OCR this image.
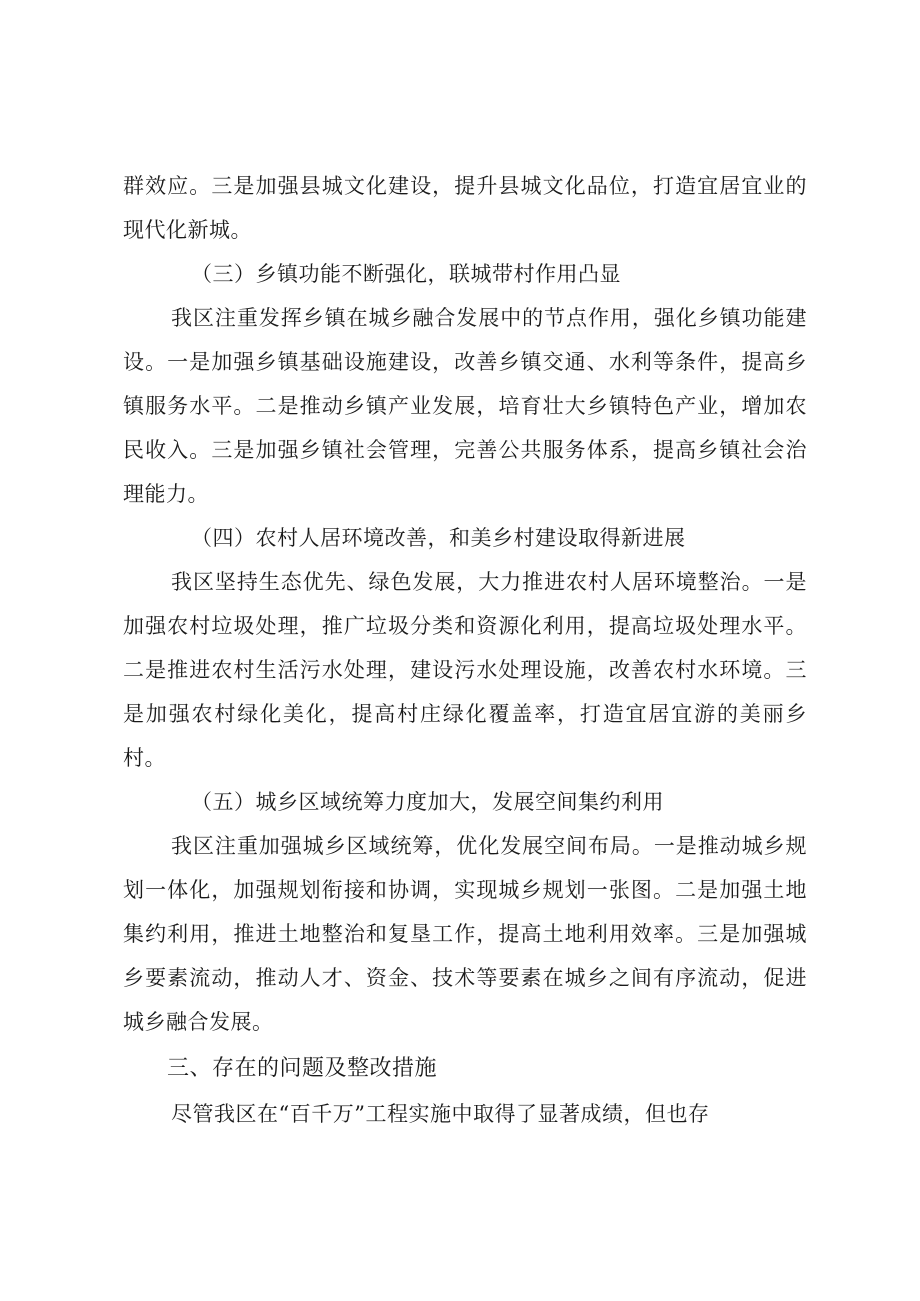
群效应。三是加强县城文化建设，提升县城文化品位，打造宜居宜业的现代化新城。

（三）乡镇功能不断强化，联城带村作用凸显

我区注重发挥乡镇在城乡融合发展中的节点作用，强化乡镇功能建设。一是加强乡镇基础设施建设，改善乡镇交通、水利等条件，提高乡镇服务水平。二是推动乡镇产业发展，培育壮大乡镇特色产业，增加农民收入。三是加强乡镇社会管理，完善公共服务体系，提高乡镇社会治理能力。

（四）农村人居环境改善，和美乡村建设取得新进展

我区坚持生态优先、绿色发展，大力推进农村人居环境整治。一是加强农村垃圾处理，推广垃圾分类和资源化利用，提高垃圾处理水平。二是推进农村生活污水处理，建设污水处理设施，改善农村水环境。三是加强农村绿化美化，提高村庄绿化覆盖率，打造宜居宜游的美丽乡村。

（五）城乡区域统筹力度加大，发展空间集约利用

我区注重加强城乡区域统筹，优化发展空间布局。一是推动城乡规划一体化，加强规划衔接和协调，实现城乡规划一张图。二是加强土地集约利用，推进土地整治和复垦工作，提高土地利用效率。三是加强城乡要素流动，推动人才、资金、技术等要素在城乡之间有序流动，促进城乡融合发展。

三、存在的问题及整改措施

尽管我区在“百千万”工程实施中取得了显著成绩，但也存
